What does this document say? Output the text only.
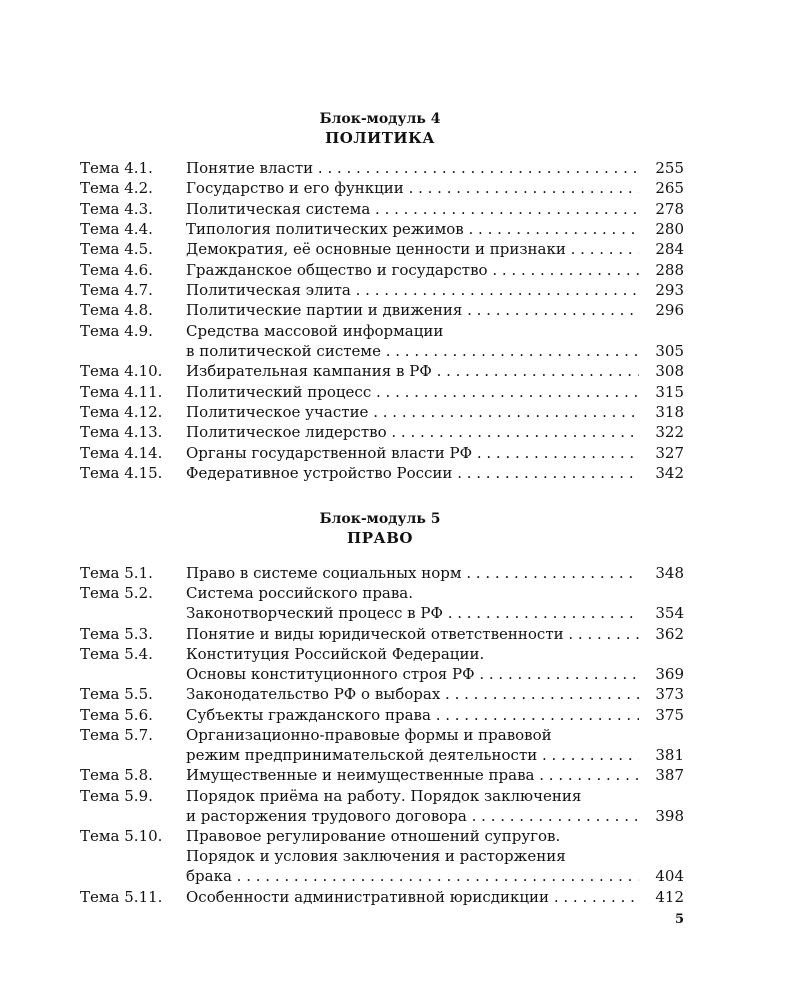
Блок-модуль 4
ПОЛИТИКА
Тема 4.1. Понятие власти . . .	255
Тема 4.2. Государство и его функции . . .	265
Тема 4.3. Политическая система . . .	278
Тема 4.4. Типология политических режимов . . .	280
Тема 4.5. Демократия, её основные ценности и признаки . . .	284
Тема 4.6. Гражданское общество и государство . . .	288
Тема 4.7. Политическая элита . . .	293
Тема 4.8. Политические партии и движения . . .	296
Тема 4.9. Средства массовой информации
в политической системе . . .	305
Тема 4.10. Избирательная кампания в РФ . . .	308
Тема 4.11. Политический процесс . . .	315
Тема 4.12. Политическое участие . . .	318
Тема 4.13. Политическое лидерство . . .	322
Тема 4.14. Органы государственной власти РФ . . .	327
Тема 4.15. Федеративное устройство России . . .	342
Блок-модуль 5
ПРАВО
Тема 5.1. Право в системе социальных норм . . .	348
Тема 5.2. Система российского права.
Законотворческий процесс в РФ . . .	354
Тема 5.3. Понятие и виды юридической ответственности . . .	362
Тема 5.4. Конституция Российской Федерации.
Основы конституционного строя РФ . . .	369
Тема 5.5. Законодательство РФ о выборах . . .	373
Тема 5.6. Субъекты гражданского права . . .	375
Тема 5.7. Организационно-правовые формы и правовой
режим предпринимательской деятельности . . .	381
Тема 5.8. Имущественные и неимущественные права . . .	387
Тема 5.9. Порядок приёма на работу. Порядок заключения
и расторжения трудового договора . . .	398
Тема 5.10. Правовое регулирование отношений супругов.
Порядок и условия заключения и расторжения
брака . . .	404
Тема 5.11. Особенности административной юрисдикции . . .	412
5
